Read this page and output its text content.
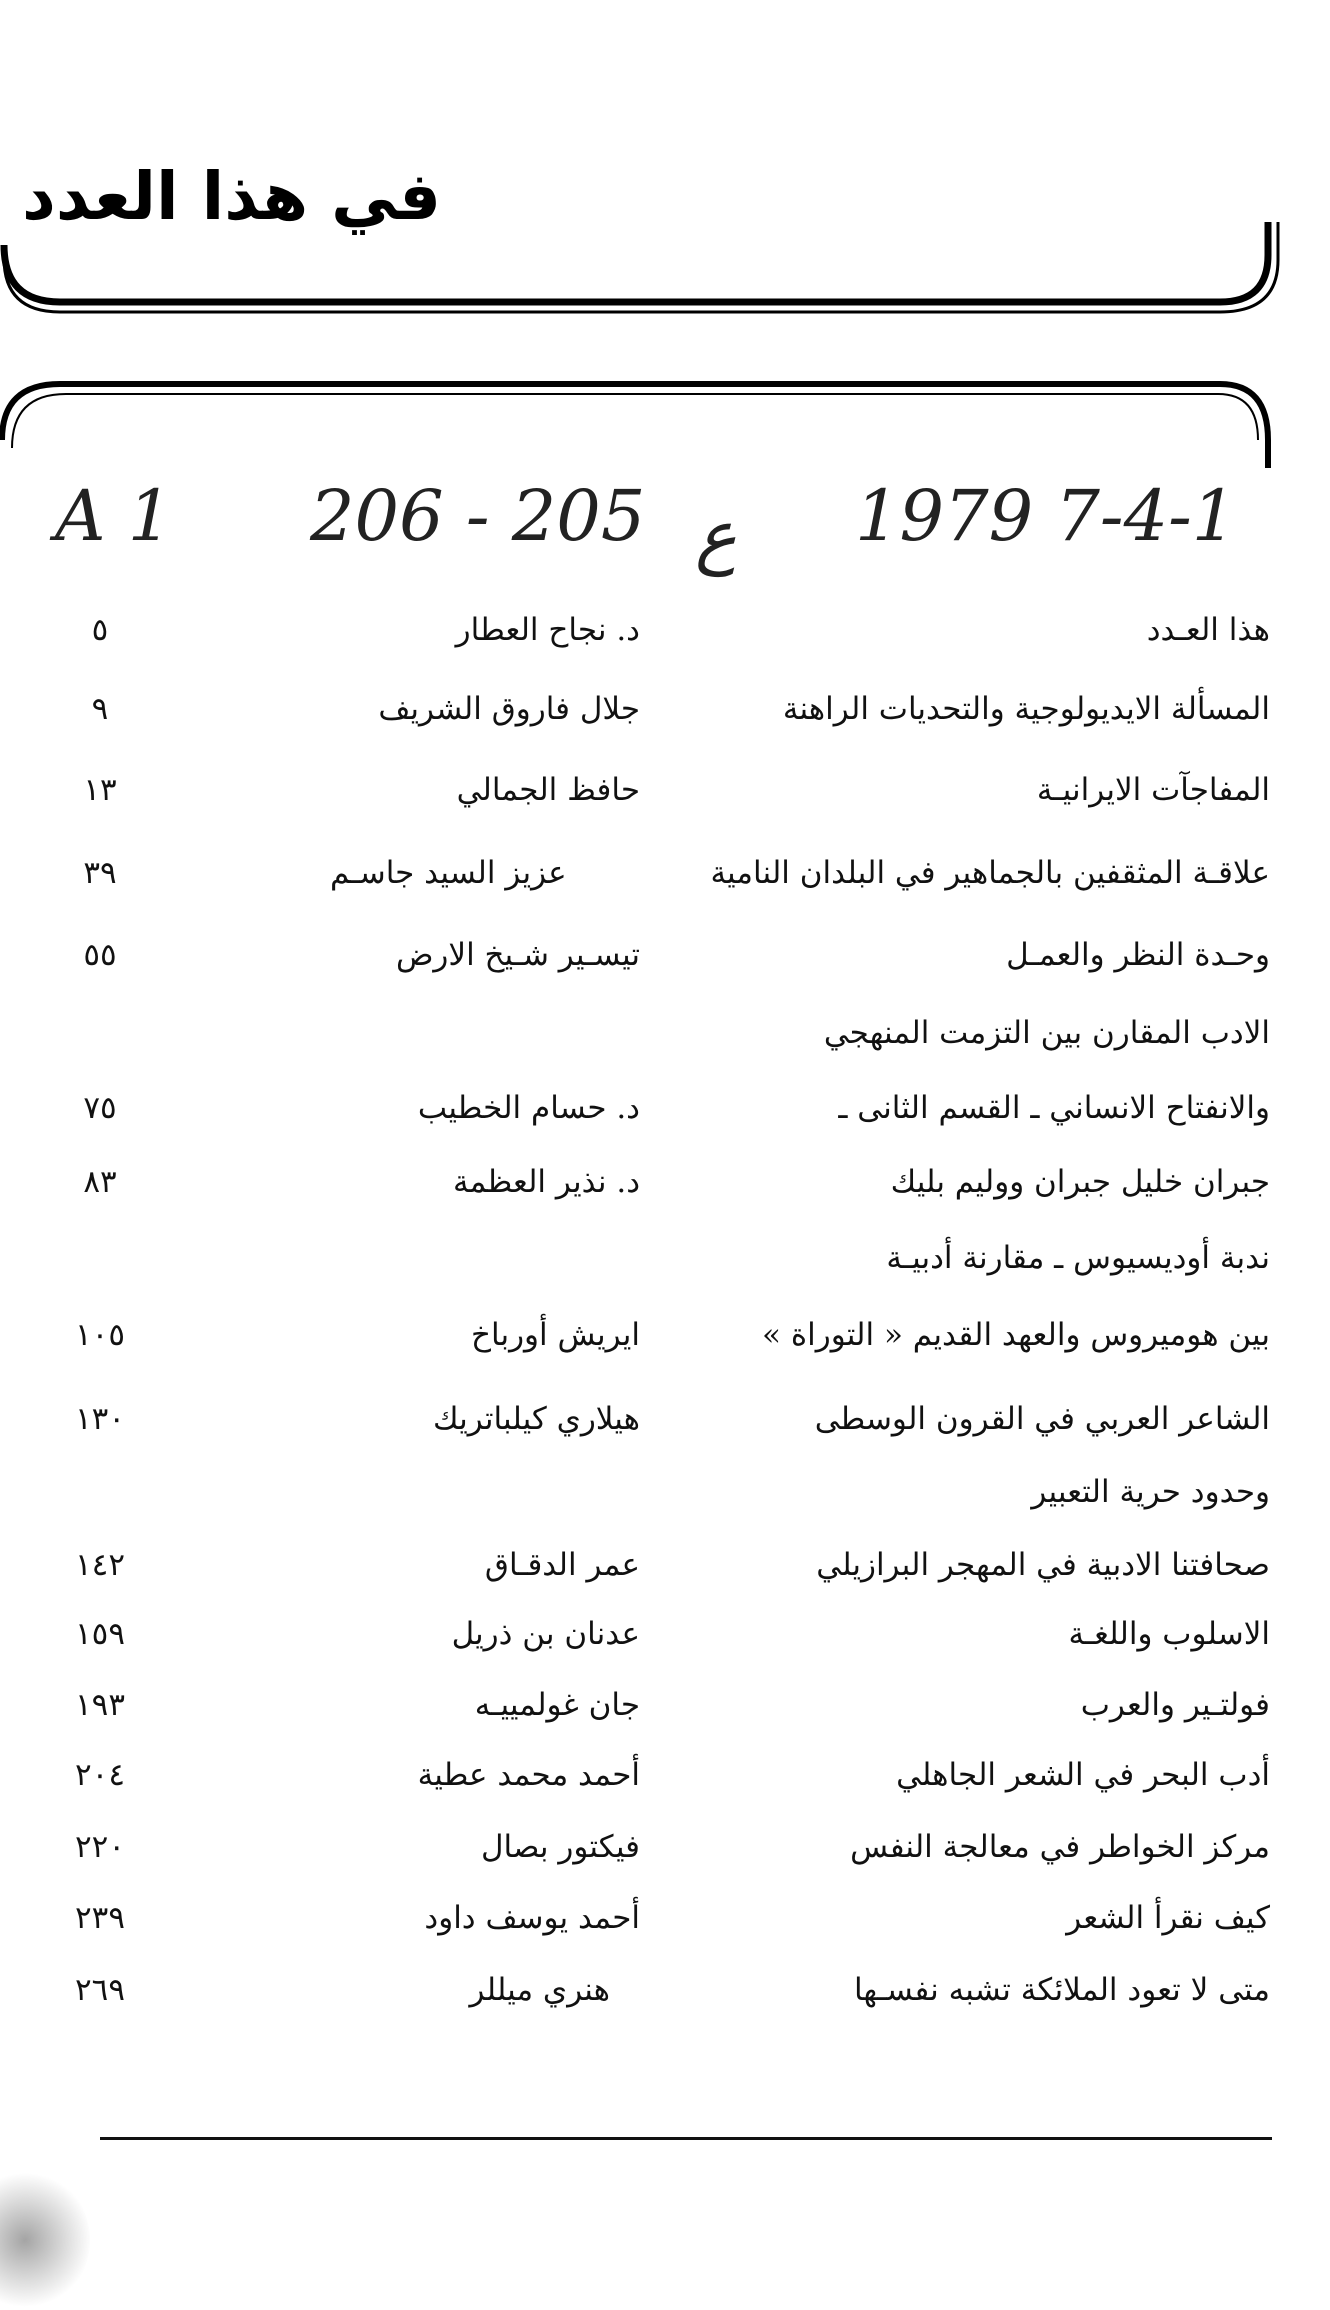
في هذا العدد
A 1 206 - 205 ع 1979 7-4-1
هذا العـدد
د. نجاح العطار
٥
المسألة الايديولوجية والتحديات الراهنة
جلال فاروق الشريف
٩
المفاجآت الايرانيـة
حافظ الجمالي
١٣
علاقـة المثقفين بالجماهير في البلدان النامية
عزيز السيد جاسـم
٣٩
وحـدة النظر والعمـل
تيسـير شـيخ الارض
٥٥
الادب المقارن بين التزمت المنهجي
والانفتاح الانساني ـ القسم الثانى ـ
د. حسام الخطيب
٧٥
جبران خليل جبران ووليم بليك
د. نذير العظمة
٨٣
ندبة أوديسيوس ـ مقارنة أدبيـة
بين هوميروس والعهد القديم « التوراة »
ايريش أورباخ
١٠٥
الشاعر العربي في القرون الوسطى
هيلاري كيلباتريك
١٣٠
وحدود حرية التعبير
صحافتنا الادبية في المهجر البرازيلي
عمر الدقـاق
١٤٢
الاسلوب واللغـة
عدنان بن ذريل
١٥٩
فولتـير والعرب
جان غولمييـه
١٩٣
أدب البحر في الشعر الجاهلي
أحمد محمد عطية
٢٠٤
مركز الخواطر في معالجة النفس
فيكتور بصال
٢٢٠
كيف نقرأ الشعر
أحمد يوسف داود
٢٣٩
متى لا تعود الملائكة تشبه نفسـها
هنري ميللر
٢٦٩
